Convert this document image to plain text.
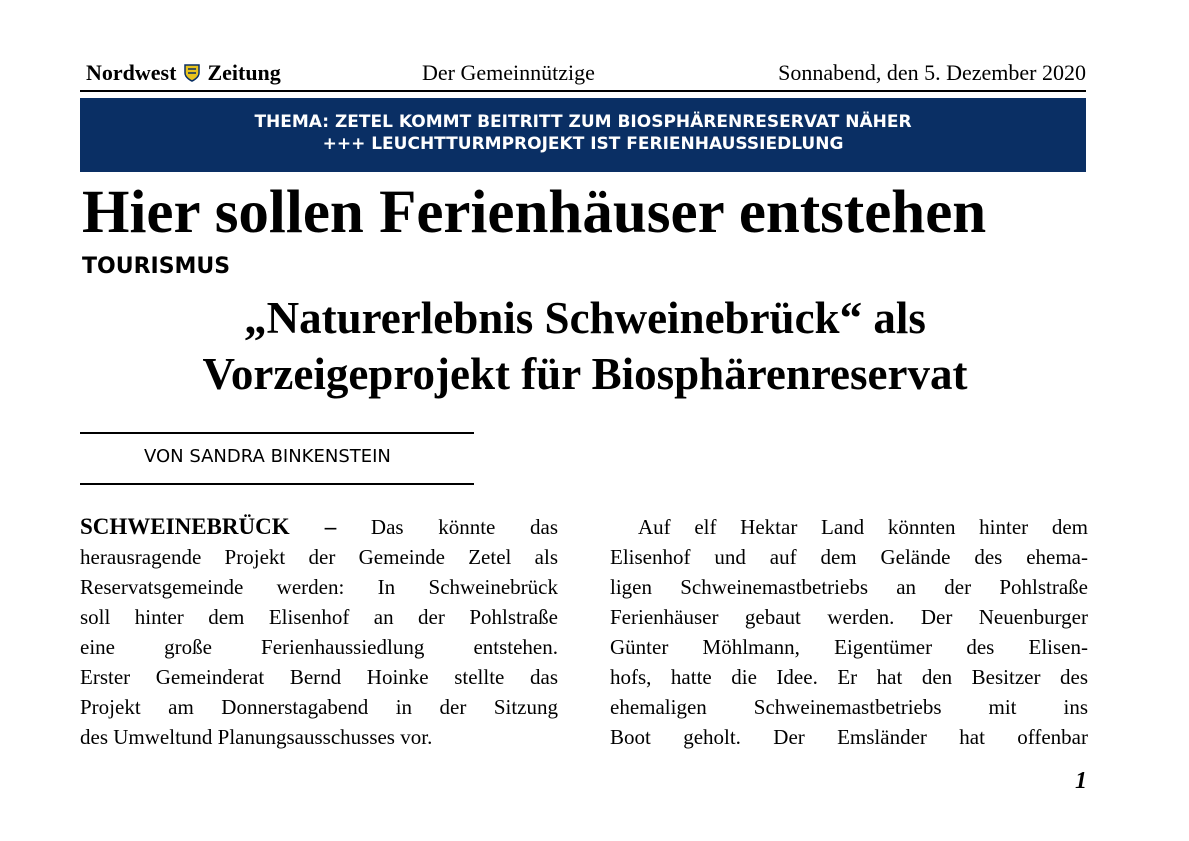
Nordwest Zeitung	Der Gemeinnützige	Sonnabend, den 5. Dezember 2020
THEMA: ZETEL KOMMT BEITRITT ZUM BIOSPHÄRENRESERVAT NÄHER
+++ LEUCHTTURMPROJEKT IST FERIENHAUSSIEDLUNG
Hier sollen Ferienhäuser entstehen
TOURISMUS
„Naturerlebnis Schweinebrück“ als
Vorzeigeprojekt für Biosphärenreservat
VON SANDRA BINKENSTEIN
SCHWEINEBRÜCK – Das könnte das
herausragende Projekt der Gemeinde Zetel als
Reservatsgemeinde werden: In Schweinebrück
soll hinter dem Elisenhof an der Pohlstraße
eine große Ferienhaussiedlung entstehen.
Erster Gemeinderat Bernd Hoinke stellte das
Projekt am Donnerstagabend in der Sitzung
des Umweltund Planungsausschusses vor.
Auf elf Hektar Land könnten hinter dem
Elisenhof und auf dem Gelände des ehema-
ligen Schweinemastbetriebs an der Pohlstraße
Ferienhäuser gebaut werden. Der Neuenburger
Günter Möhlmann, Eigentümer des Elisen-
hofs, hatte die Idee. Er hat den Besitzer des
ehemaligen Schweinemastbetriebs mit ins
Boot geholt. Der Emsländer hat offenbar
1
